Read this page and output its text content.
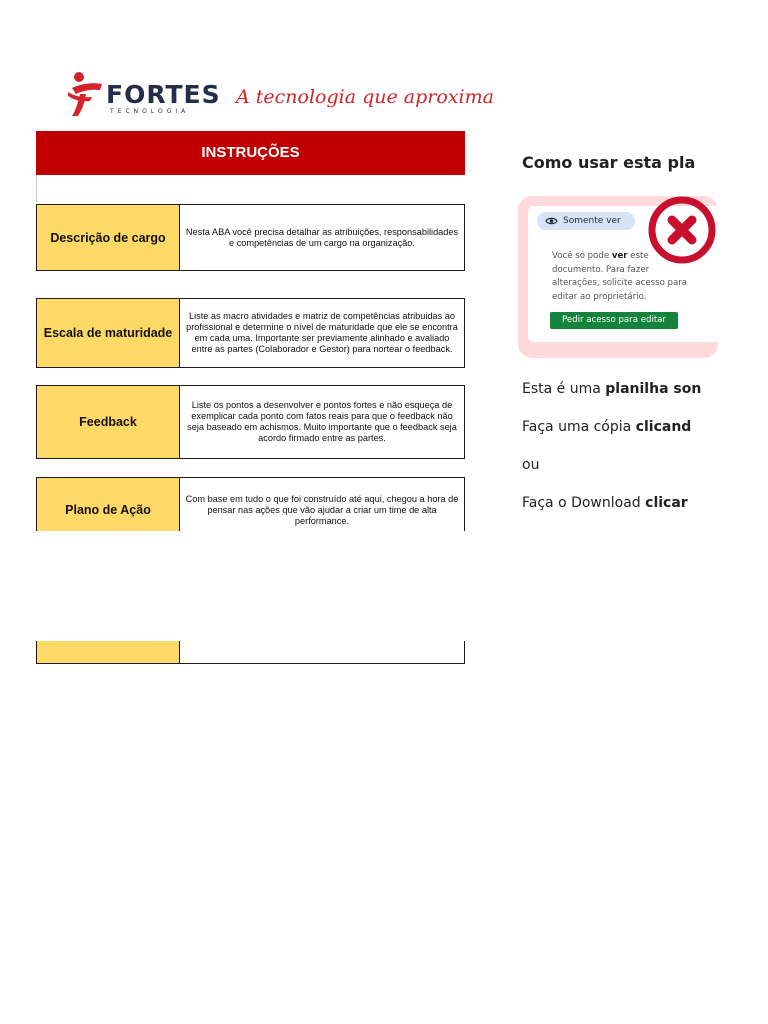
FORTES
TECNOLOGIA
A tecnologia que aproxima
INSTRUÇÕES
Descrição de cargo	Nesta ABA você precisa detalhar as atribuições, responsabilidades e competências de um cargo na organização.
Escala de maturidade
Liste as macro atividades e matriz de competências atribuidas ao profissional e determine o nível de maturidade que ele se encontra em cada uma. Importante ser previamente alinhado e avaliado entre as partes (Colaborador e Gestor) para nortear o feedback.
Feedback
Liste os pontos a desenvolver e pontos fortes e não esqueça de exemplicar cada ponto com fatos reais para que o feedback não seja baseado em achismos. Muito importante que o feedback seja acordo firmado entre as partes.
Plano de Ação
Com base em tudo o que foi construído até aqui, chegou a hora de pensar nas ações que vão ajudar a criar um time de alta performance.
Como usar esta pla
Somente ver
Você só pode ver este
documento. Para fazer
alterações, solicite acesso para
editar ao proprietário.
Pedir acesso para editar
Esta é uma planilha son
Faça uma cópia clicand
ou
Faça o Download clicar
